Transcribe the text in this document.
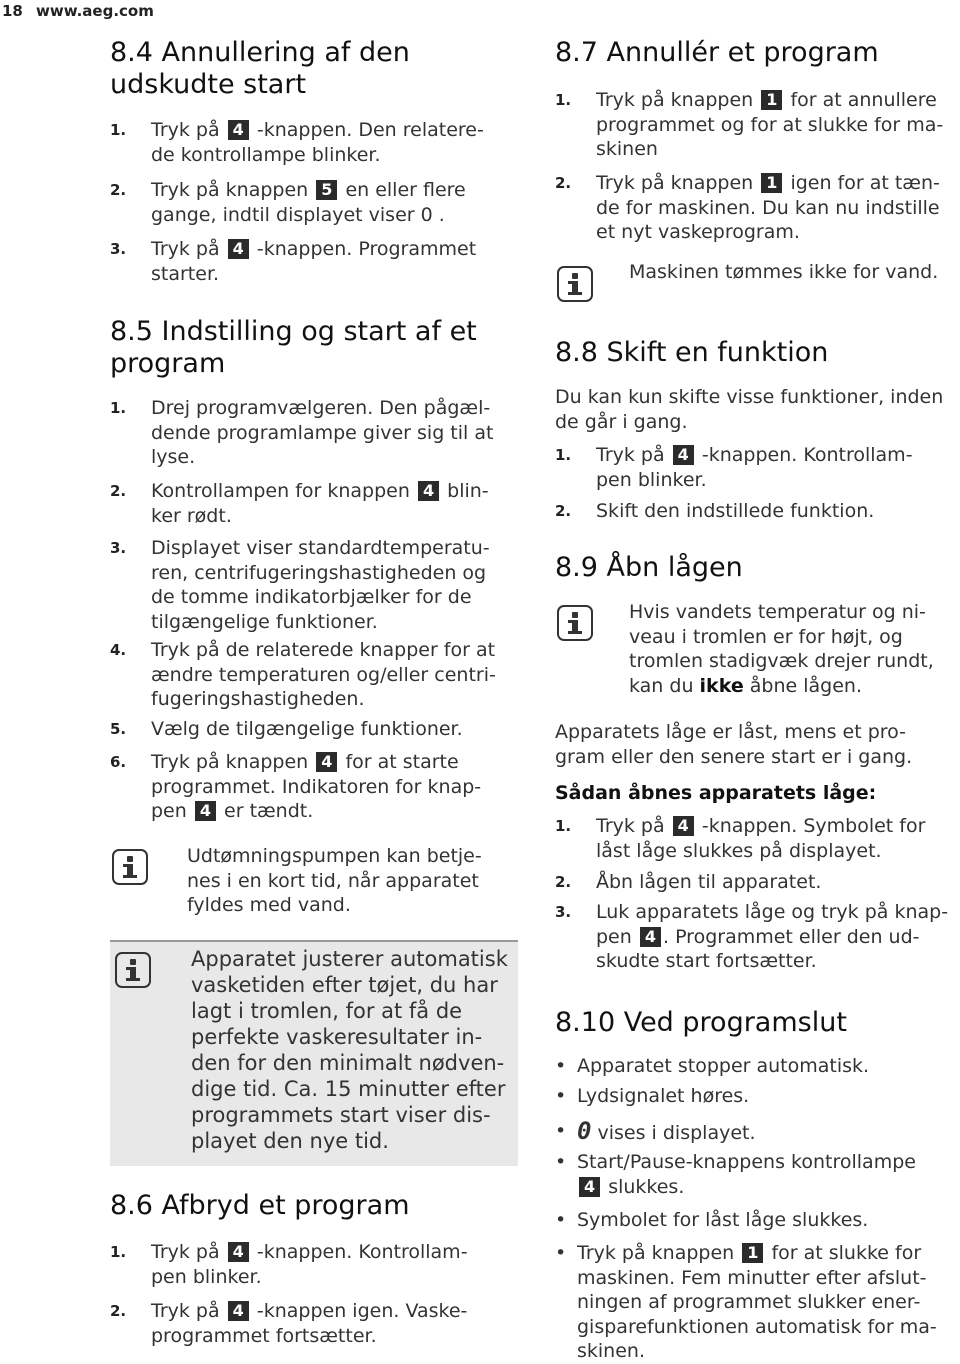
18 www.aeg.com
8.4 Annullering af den
udskudte start
1. Tryk på 4 -knappen. Den relatere-
de kontrollampe blinker.
2. Tryk på knappen 5 en eller flere
gange, indtil displayet viser 0 .
3. Tryk på 4 -knappen. Programmet
starter.
8.5 Indstilling og start af et
program
1. Drej programvælgeren. Den pågæl-
dende programlampe giver sig til at
lyse.
2. Kontrollampen for knappen 4 blin-
ker rødt.
3. Displayet viser standardtemperatu-
ren, centrifugeringshastigheden og
de tomme indikatorbjælker for de
tilgængelige funktioner.
4. Tryk på de relaterede knapper for at
ændre temperaturen og/eller centri-
fugeringshastigheden.
5. Vælg de tilgængelige funktioner.
6. Tryk på knappen 4 for at starte
programmet. Indikatoren for knap-
pen 4 er tændt.
Udtømningspumpen kan betje-
nes i en kort tid, når apparatet
fyldes med vand.
Apparatet justerer automatisk
vasketiden efter tøjet, du har
lagt i tromlen, for at få de
perfekte vaskeresultater in-
den for den minimalt nødven-
dige tid. Ca. 15 minutter efter
programmets start viser dis-
playet den nye tid.
8.6 Afbryd et program
1. Tryk på 4 -knappen. Kontrollam-
pen blinker.
2. Tryk på 4 -knappen igen. Vaske-
programmet fortsætter.
8.7 Annullér et program
1. Tryk på knappen 1 for at annullere
programmet og for at slukke for ma-
skinen
2. Tryk på knappen 1 igen for at tæn-
de for maskinen. Du kan nu indstille
et nyt vaskeprogram.
Maskinen tømmes ikke for vand.
8.8 Skift en funktion
Du kan kun skifte visse funktioner, inden
de går i gang.
1. Tryk på 4 -knappen. Kontrollam-
pen blinker.
2. Skift den indstillede funktion.
8.9 Åbn lågen
Hvis vandets temperatur og ni-
veau i tromlen er for højt, og
tromlen stadigvæk drejer rundt,
kan du ikke åbne lågen.
Apparatets låge er låst, mens et pro-
gram eller den senere start er i gang.
Sådan åbnes apparatets låge:
1. Tryk på 4 -knappen. Symbolet for
låst låge slukkes på displayet.
2. Åbn lågen til apparatet.
3. Luk apparatets låge og tryk på knap-
pen 4 . Programmet eller den ud-
skudte start fortsætter.
8.10 Ved programslut
• Apparatet stopper automatisk.
• Lydsignalet høres.
• 0 vises i displayet.
• Start/Pause-knappens kontrollampe
4 slukkes.
• Symbolet for låst låge slukkes.
• Tryk på knappen 1 for at slukke for
maskinen. Fem minutter efter afslut-
ningen af programmet slukker ener-
gisparefunktionen automatisk for ma-
skinen.
